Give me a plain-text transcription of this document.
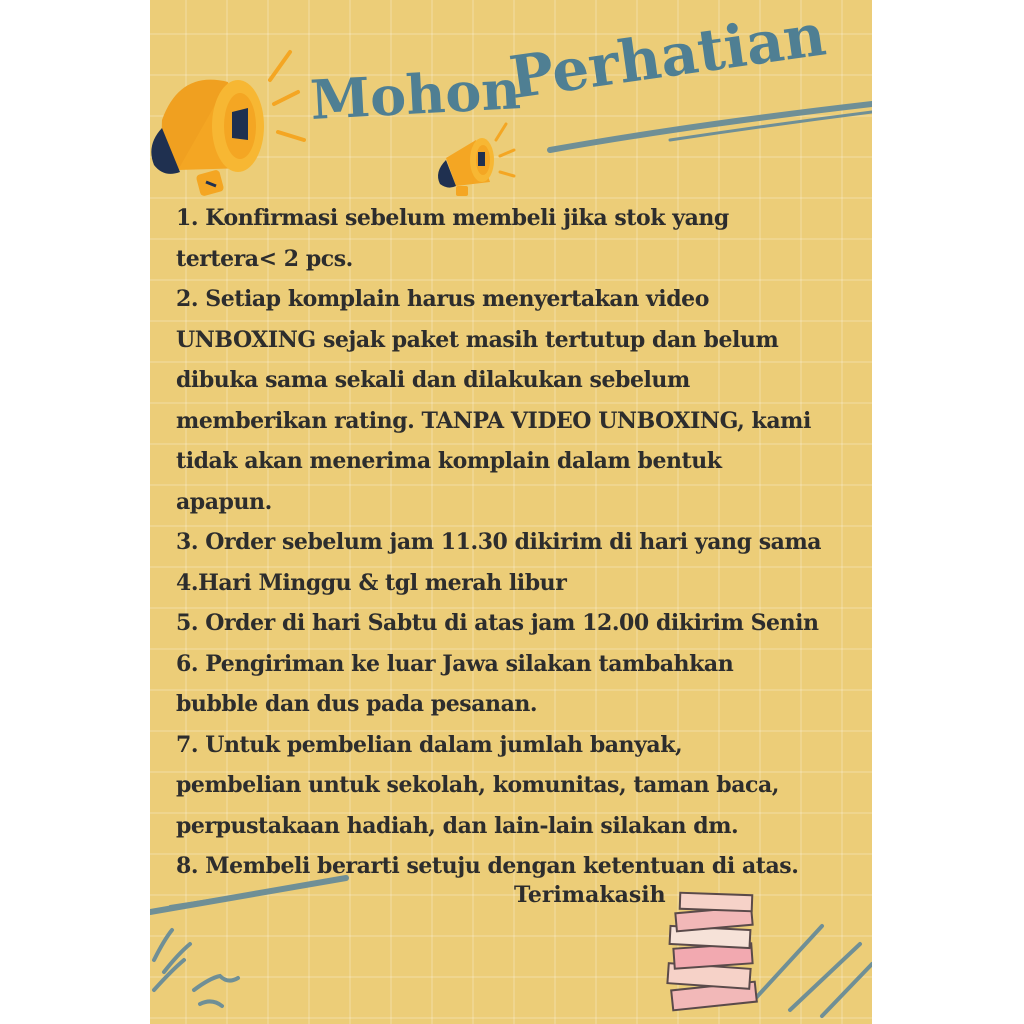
Mohon
Perhatian
1. Konfirmasi sebelum membeli jika stok yang
tertera< 2 pcs.
2. Setiap komplain harus menyertakan video
UNBOXING sejak paket masih tertutup dan belum
dibuka sama sekali dan dilakukan sebelum
memberikan rating. TANPA VIDEO UNBOXING, kami
tidak akan menerima komplain dalam bentuk
apapun.
3. Order sebelum jam 11.30 dikirim di hari yang sama
4.Hari Minggu & tgl merah libur
5. Order di hari Sabtu di atas jam 12.00 dikirim Senin
6. Pengiriman ke luar Jawa silakan tambahkan
bubble dan dus pada pesanan.
7. Untuk pembelian dalam jumlah banyak,
pembelian untuk sekolah, komunitas, taman baca,
perpustakaan hadiah, dan lain-lain silakan dm.
8. Membeli berarti setuju dengan ketentuan di atas.
Terimakasih
